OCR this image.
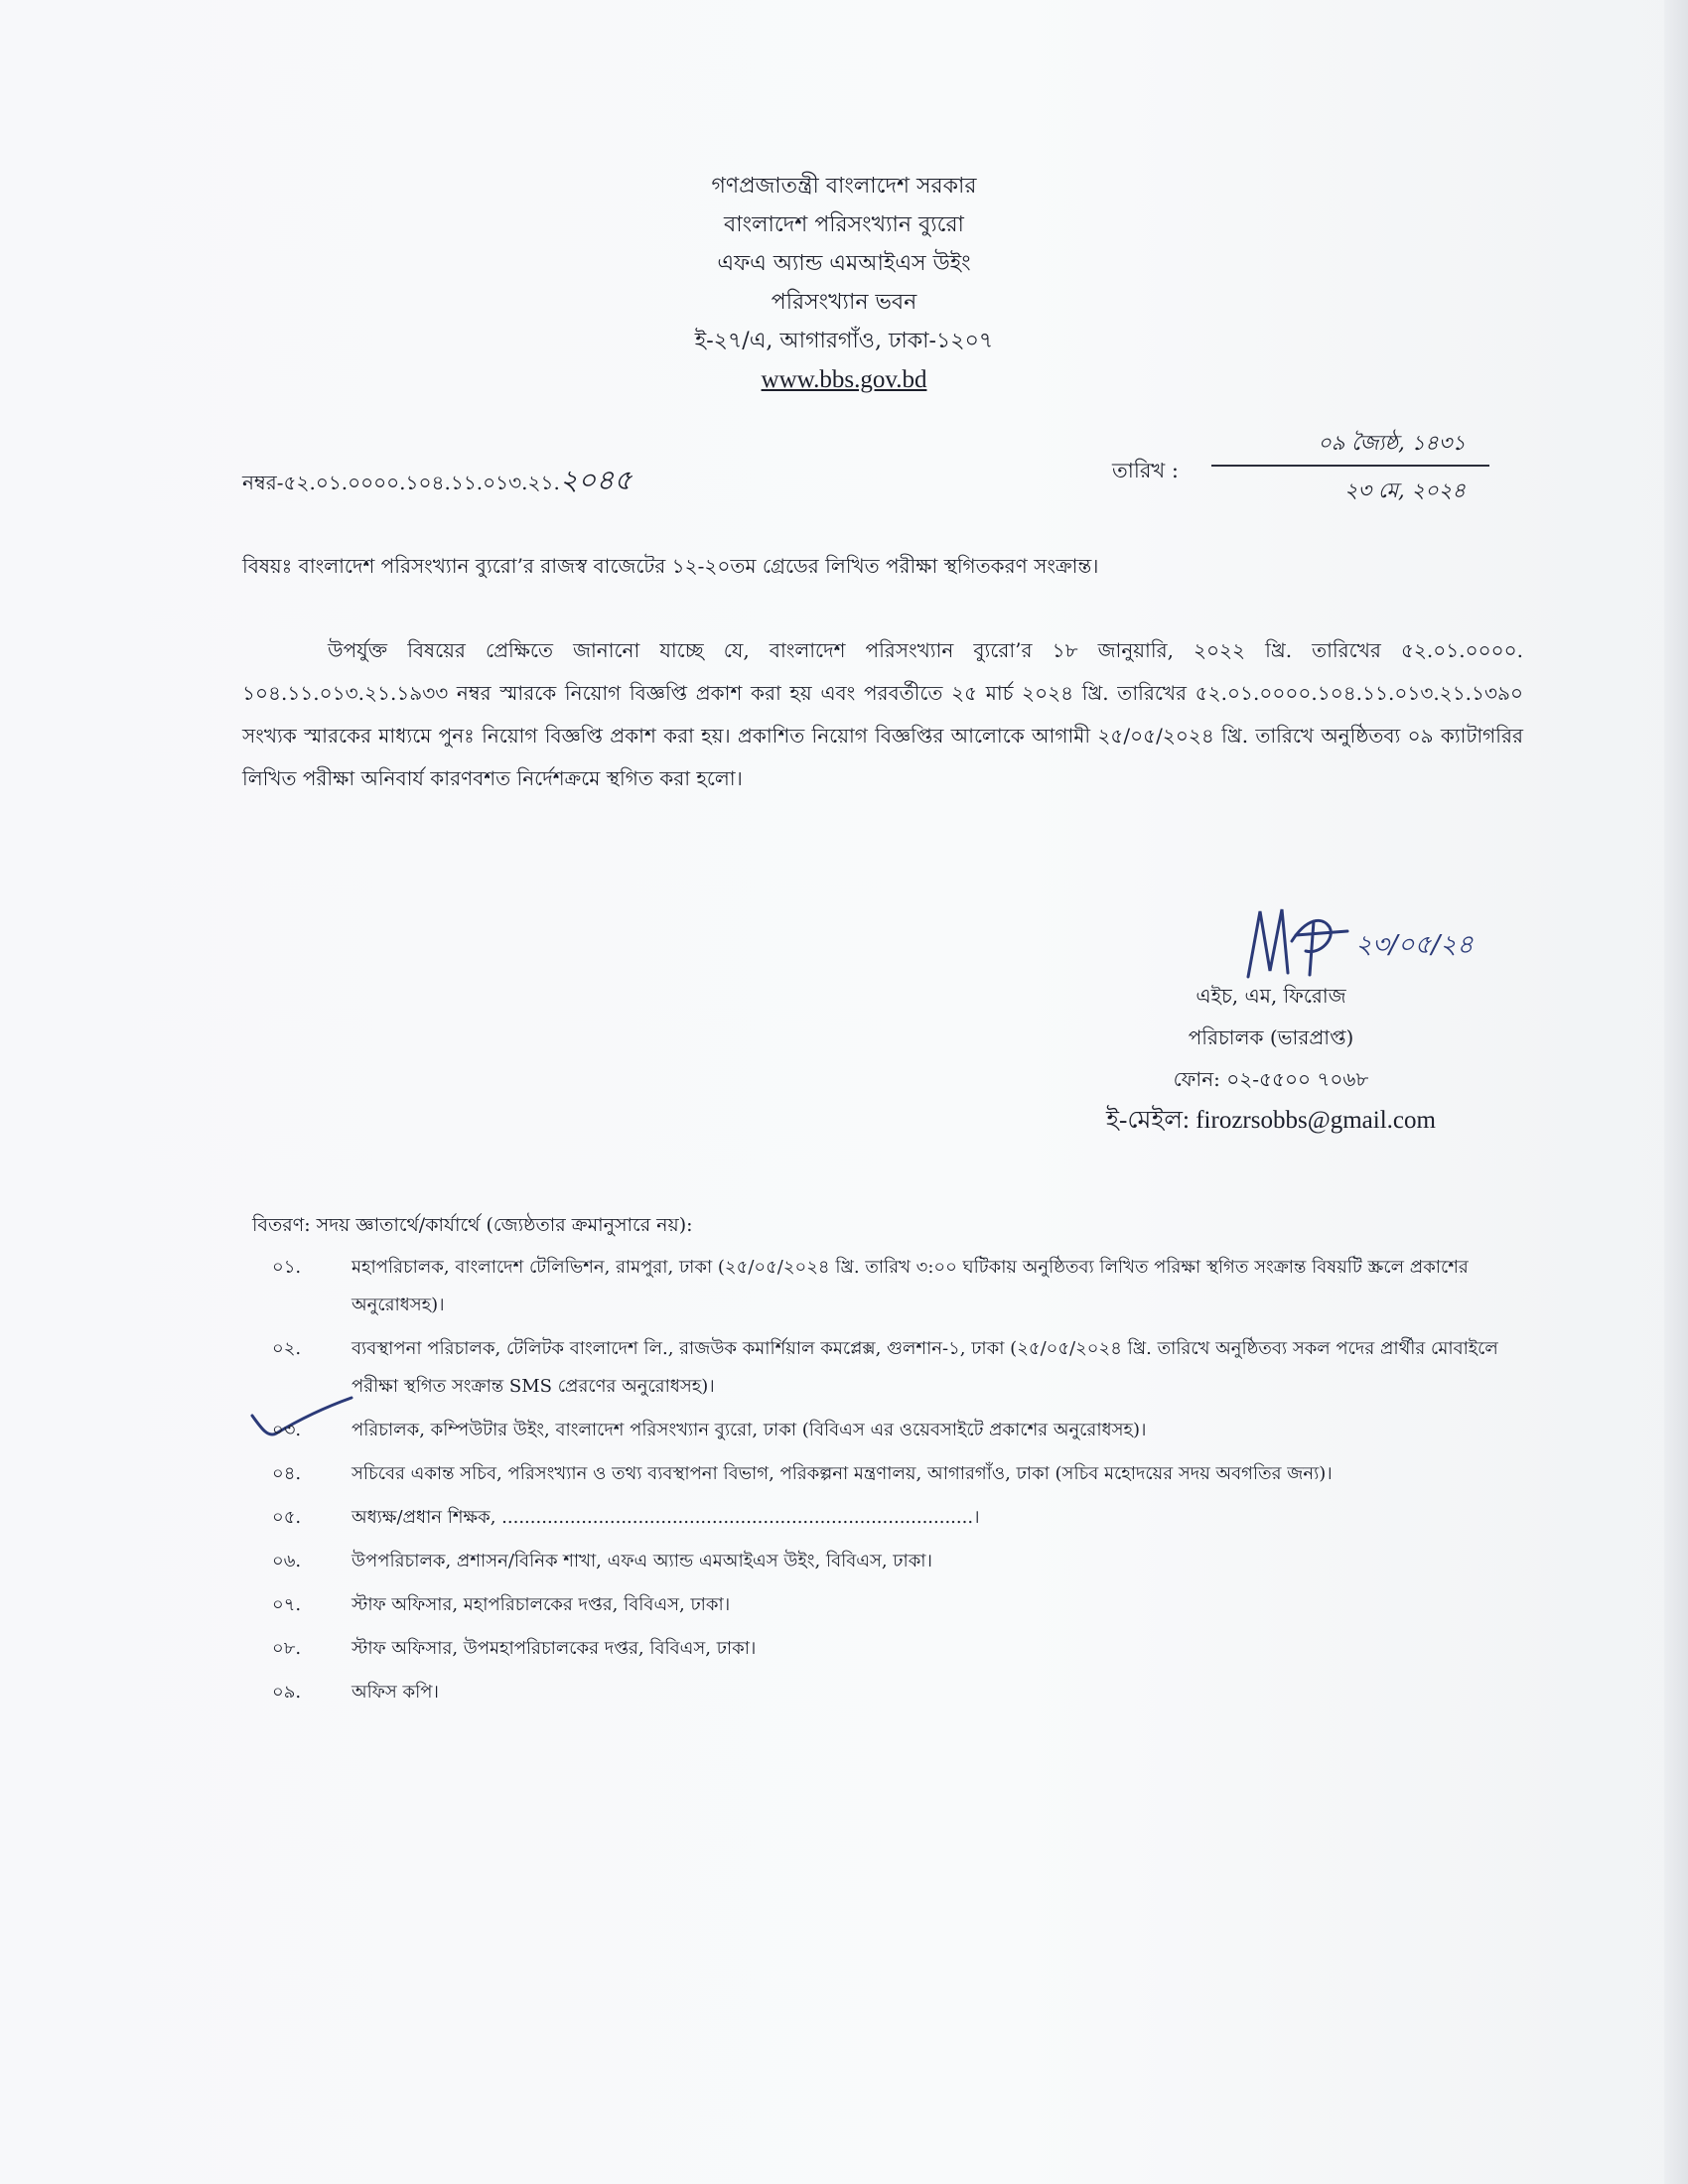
গণপ্রজাতন্ত্রী বাংলাদেশ সরকার
বাংলাদেশ পরিসংখ্যান ব্যুরো
এফএ অ্যান্ড এমআইএস উইং
পরিসংখ্যান ভবন
ই-২৭/এ, আগারগাঁও, ঢাকা-১২০৭
www.bbs.gov.bd
নম্বর-৫২.০১.০০০০.১০৪.১১.০১৩.২১.২০৪৫	তারিখ :
০৯ জ্যৈষ্ঠ, ১৪৩১
২৩ মে, ২০২৪
বিষয়ঃ বাংলাদেশ পরিসংখ্যান ব্যুরো’র রাজস্ব বাজেটের ১২-২০তম গ্রেডের লিখিত পরীক্ষা স্থগিতকরণ সংক্রান্ত।
উপর্যুক্ত বিষয়ের প্রেক্ষিতে জানানো যাচ্ছে যে, বাংলাদেশ পরিসংখ্যান ব্যুরো’র ১৮ জানুয়ারি, ২০২২ খ্রি. তারিখের ৫২.০১.০০০০. ১০৪.১১.০১৩.২১.১৯৩৩ নম্বর স্মারকে নিয়োগ বিজ্ঞপ্তি প্রকাশ করা হয় এবং পরবর্তীতে ২৫ মার্চ ২০২৪ খ্রি. তারিখের ৫২.০১.০০০০.১০৪.১১.০১৩.২১.১৩৯০ সংখ্যক স্মারকের মাধ্যমে পুনঃ নিয়োগ বিজ্ঞপ্তি প্রকাশ করা হয়। প্রকাশিত নিয়োগ বিজ্ঞপ্তির আলোকে আগামী ২৫/০৫/২০২৪ খ্রি. তারিখে অনুষ্ঠিতব্য ০৯ ক্যাটাগরির লিখিত পরীক্ষা অনিবার্য কারণবশত নির্দেশক্রমে স্থগিত করা হলো।
২৩/০৫/২৪
এইচ, এম, ফিরোজ
পরিচালক (ভারপ্রাপ্ত)
ফোন: ০২-৫৫০০ ৭০৬৮
ই-মেইল: firozrsobbs@gmail.com
বিতরণ: সদয় জ্ঞাতার্থে/কার্যার্থে (জ্যেষ্ঠতার ক্রমানুসারে নয়):
০১.	মহাপরিচালক, বাংলাদেশ টেলিভিশন, রামপুরা, ঢাকা (২৫/০৫/২০২৪ খ্রি. তারিখ ৩:০০ ঘটিকায় অনুষ্ঠিতব্য লিখিত পরিক্ষা স্থগিত সংক্রান্ত বিষয়টি স্ক্রলে প্রকাশের অনুরোধসহ)।
০২.	ব্যবস্থাপনা পরিচালক, টেলিটক বাংলাদেশ লি., রাজউক কমার্শিয়াল কমপ্লেক্স, গুলশান-১, ঢাকা (২৫/০৫/২০২৪ খ্রি. তারিখে অনুষ্ঠিতব্য সকল পদের প্রার্থীর মোবাইলে পরীক্ষা স্থগিত সংক্রান্ত SMS প্রেরণের অনুরোধসহ)।
০৩.	পরিচালক, কম্পিউটার উইং, বাংলাদেশ পরিসংখ্যান ব্যুরো, ঢাকা (বিবিএস এর ওয়েবসাইটে প্রকাশের অনুরোধসহ)।
০৪.	সচিবের একান্ত সচিব, পরিসংখ্যান ও তথ্য ব্যবস্থাপনা বিভাগ, পরিকল্পনা মন্ত্রণালয়, আগারগাঁও, ঢাকা (সচিব মহোদয়ের সদয় অবগতির জন্য)।
০৫.	অধ্যক্ষ/প্রধান শিক্ষক, ...................................................................................।
০৬.	উপপরিচালক, প্রশাসন/বিনিক শাখা, এফএ অ্যান্ড এমআইএস উইং, বিবিএস, ঢাকা।
০৭.	স্টাফ অফিসার, মহাপরিচালকের দপ্তর, বিবিএস, ঢাকা।
০৮.	স্টাফ অফিসার, উপমহাপরিচালকের দপ্তর, বিবিএস, ঢাকা।
০৯.	অফিস কপি।
